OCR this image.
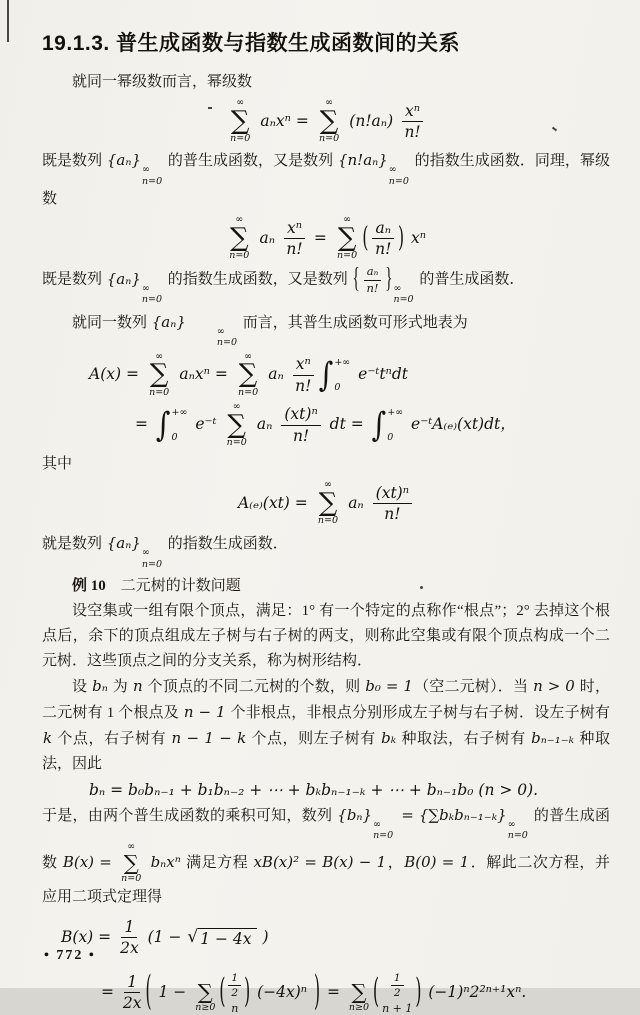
19.1.3. 普生成函数与指数生成函数间的关系

就同一幂级数而言，幂级数

∞
∑
n=0
aₙxⁿ =
∞
∑
n=0
$(n!a_n) \frac{\text{xⁿ}}{n!}$

既是数列 {aₙ}
∞
n=0
的普生成函数，又是数列 {n!aₙ}
∞
n=0
的指数生成函数．同理，幂级数

∞
∑
n=0
aₙ $\frac{\text{xⁿ}}{n!}$ =
∞
∑
n=0
( $\frac{\text{aₙ}}{n!}$ ) xⁿ

既是数列 {aₙ}
∞
n=0
的指数生成函数，又是数列 { $\frac{\text{aₙ}}{n!}$ } ∞
n=0
的普生成函数．

就同一数列 {aₙ}
∞
n=0
而言，其普生成函数可形式地表为

A(x) =
∞
∑
n=0
aₙxⁿ =
∞
∑
n=0
aₙ $\frac{\text{xⁿ}}{n!}$ ∫ +∞
0
e⁻ᵗtⁿdt
= ∫ +∞
0
e⁻ᵗ
∞
∑
n=0
aₙ $\frac{\text{(xt)ⁿ}}{n!}$ dt = ∫ +∞
0
e⁻ᵗA₍ₑ₎(xt)dt，

其中

A₍ₑ₎(xt) =
∞
∑
n=0
aₙ $\frac{\text{(xt)ⁿ}}{n!}$

就是数列 {aₙ}
∞
n=0
的指数生成函数．

例 10　二元树的计数问题

设空集或一组有限个顶点，满足：1° 有一个特定的点称作“根点”；2° 去掉这个根点后，余下的顶点组成左子树与右子树的两支，则称此空集或有限个顶点构成一个二元树．这些顶点之间的分支关系，称为树形结构．

设 bₙ 为 n 个顶点的不同二元树的个数，则 b₀ = 1（空二元树）．当 n > 0 时，二元树有 1 个根点及 n − 1 个非根点，非根点分别形成左子树与右子树．设左子树有 k 个点，右子树有 n − 1 − k 个点，则左子树有 bₖ 种取法，右子树有 bₙ₋₁₋ₖ 种取法，因此

bₙ = b₀bₙ₋₁ + b₁bₙ₋₂ + ⋯ + bₖbₙ₋₁₋ₖ + ⋯ + bₙ₋₁b₀ (n > 0).

于是，由两个普生成函数的乘积可知，数列 {bₙ}
∞
n=0
= {∑bₖbₙ₋₁₋ₖ}
∞
n=0
的普生成函数 B(x) =
∞
∑
n=0
bₙxⁿ 满足方程 xB(x)² = B(x) − 1，B(0) = 1．解此二次方程，并应用二项式定理得

$B(x) = \frac{1}{2x} (1$ − √ 1 − 4x )
= $\frac{1}{2x}$ ( 1 − ∑
n≥0 ( $\frac{1}{2}$
n ) (−4x)ⁿ ) = ∑
n≥0 ( $\frac{1}{2}$
n + 1 ) (−1)ⁿ2²ⁿ⁺¹xⁿ.
• 772 •
